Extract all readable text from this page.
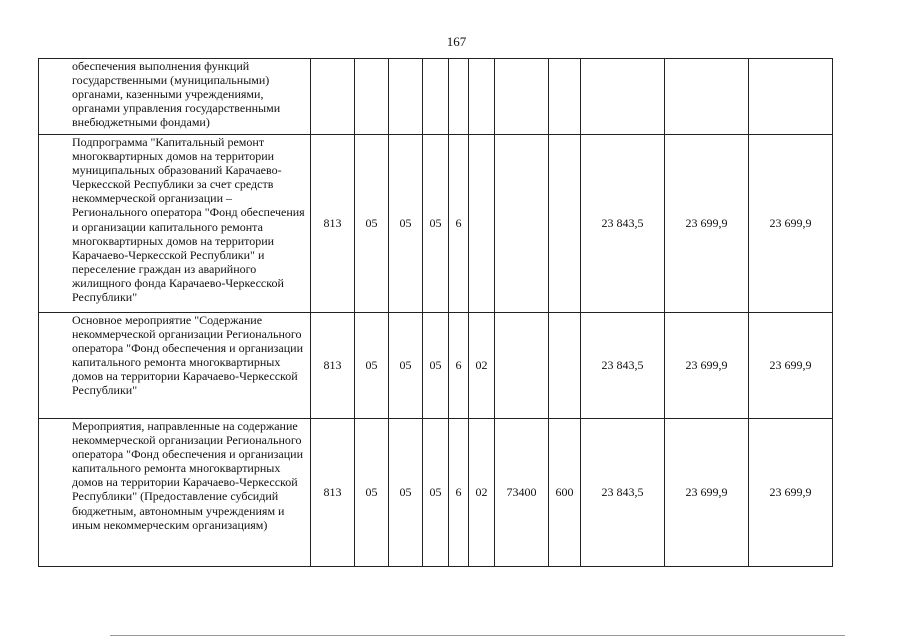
167
обеспечения выполнения функций государственными (муниципальными) органами, казенными учреждениями, органами управления государственными внебюджетными фондами)											
Подпрограмма "Капитальный ремонт многоквартирных домов на территории муниципальных образований Карачаево-Черкесской Республики за счет средств некоммерческой организации – Регионального оператора "Фонд обеспечения и организации капитального ремонта многоквартирных домов на территории Карачаево-Черкесской Республики" и переселение граждан из аварийного жилищного фонда Карачаево-Черкесской Республики"	813	05	05	05	6				23 843,5	23 699,9	23 699,9
Основное мероприятие "Содержание некоммерческой организации Регионального оператора "Фонд обеспечения и организации капитального ремонта многоквартирных домов на территории Карачаево-Черкесской Республики"	813	05	05	05	6	02			23 843,5	23 699,9	23 699,9
Мероприятия, направленные на содержание некоммерческой организации Регионального оператора "Фонд обеспечения и организации капитального ремонта многоквартирных домов на территории Карачаево-Черкесской Республики" (Предоставление субсидий бюджетным, автономным учреждениям и иным некоммерческим организациям)	813	05	05	05	6	02	73400	600	23 843,5	23 699,9	23 699,9
